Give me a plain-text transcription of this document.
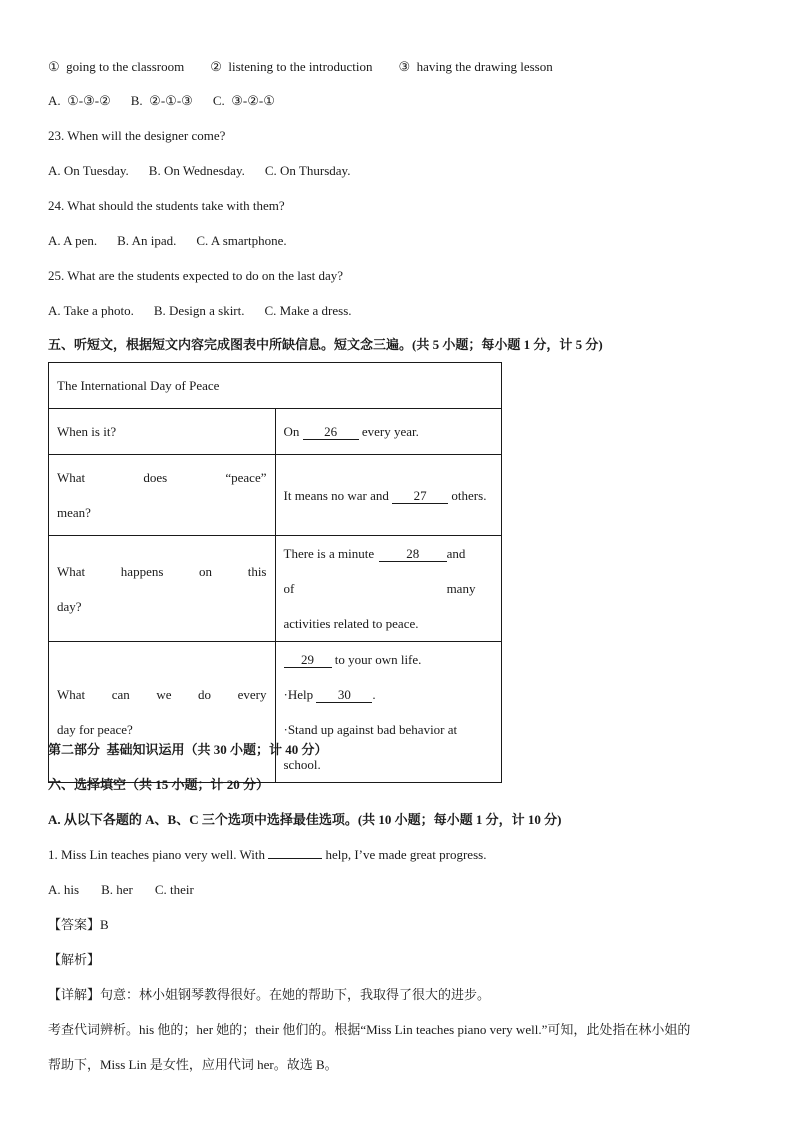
①  going to the classroom ②  listening to the introduction ③  having the drawing lesson
A.  ①-③-② B.  ②-①-③ C.  ③-②-①
23. When will the designer come?
A. On Tuesday. B. On Wednesday. C. On Thursday.
24. What should the students take with them?
A. A pen. B. An ipad. C. A smartphone.
25. What are the students expected to do on the last day?
A. Take a photo. B. Design a skirt. C. Make a dress.
五、听短文，根据短文内容完成图表中所缺信息。短文念三遍。(共 5 小题；每小题 1 分，计 5 分)
The International Day of Peace	
When is it?	On 26 every year.

What does “peace”
mean?	It means no war and 27 others.

What happens on this
day?	There is a minute of
28 and many
activities related to peace.

What can we do every
day for peace?	29 to your own life.
·Help 30 .
·Stand up against bad behavior at school.
第二部分  基础知识运用（共 30 小题；计 40 分）
六、选择填空（共 15 小题；计 20 分）
A. 从以下各题的 A、B、C 三个选项中选择最佳选项。(共 10 小题；每小题 1 分，计 10 分)
1. Miss Lin teaches piano very well. With	help, I’ve made great progress.
A. his B. her C. their
【答案】B
【解析】
【详解】句意：林小姐钢琴教得很好。在她的帮助下，我取得了很大的进步。
考查代词辨析。his 他的；her 她的；their 他们的。根据“Miss Lin teaches piano very well.”可知，此处指在林小姐的
帮助下，Miss Lin 是女性，应用代词 her。故选 B。
